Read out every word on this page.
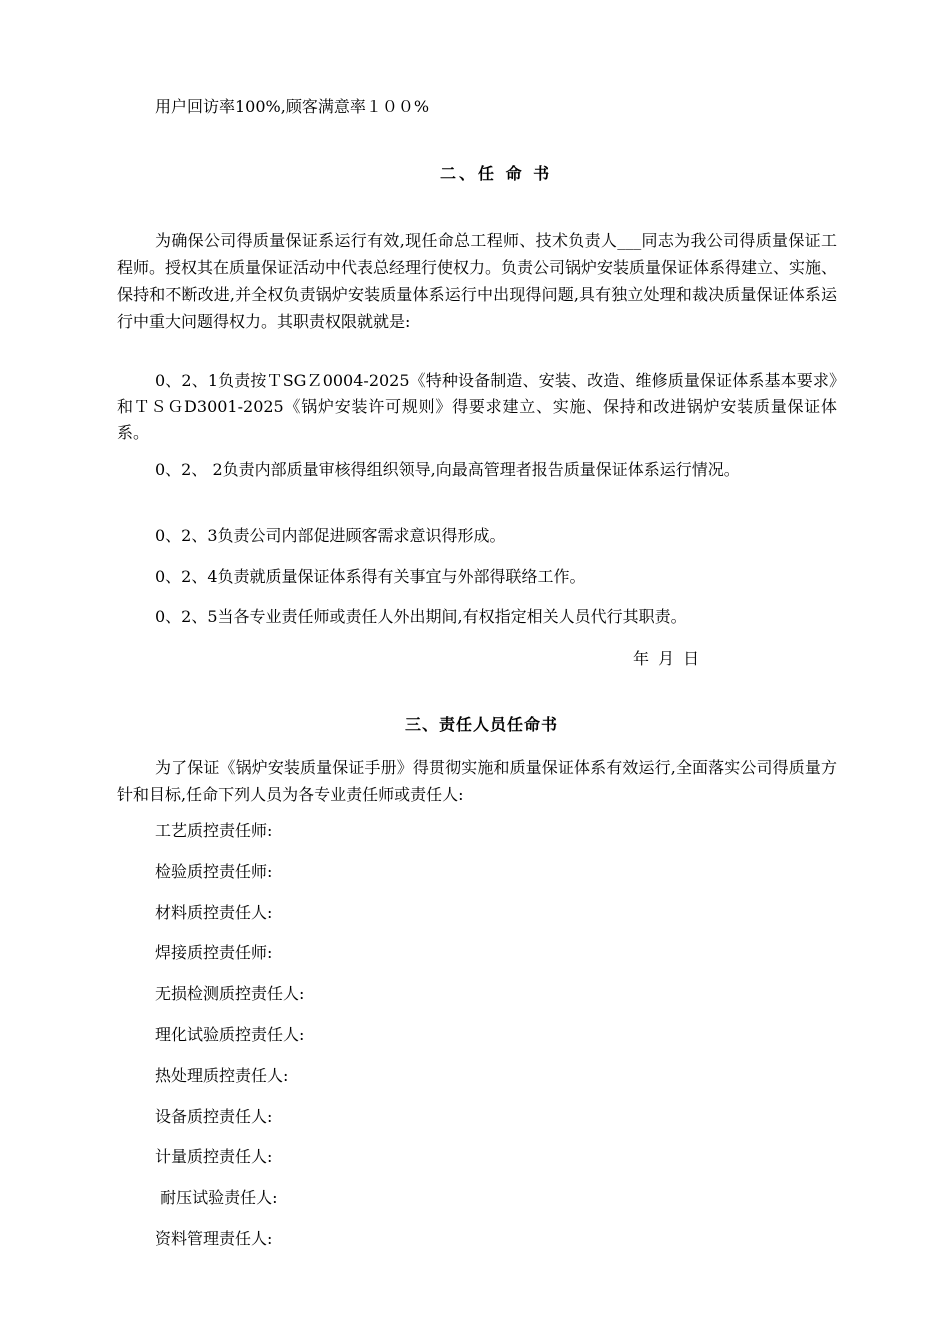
用户回访率100%,顾客满意率１００%
二、任 命 书
为确保公司得质量保证系运行有效,现任命总工程师、技术负责人___同志为我公司得质量保证工程师。授权其在质量保证活动中代表总经理行使权力。负责公司锅炉安装质量保证体系得建立、实施、保持和不断改进,并全权负责锅炉安装质量体系运行中出现得问题,具有独立处理和裁决质量保证体系运行中重大问题得权力。其职责权限就就是:
0、2、1负责按ＴSGＺ0004-2025《特种设备制造、安装、改造、维修质量保证体系基本要求》和ＴＳＧD3001-2025《锅炉安装许可规则》得要求建立、实施、保持和改进锅炉安装质量保证体系。
0、2、 2负责内部质量审核得组织领导,向最高管理者报告质量保证体系运行情况。
0、2、3负责公司内部促进顾客需求意识得形成。
0、2、4负责就质量保证体系得有关事宜与外部得联络工作。
0、2、5当各专业责任师或责任人外出期间,有权指定相关人员代行其职责。
年 月 日
三、责任人员任命书
为了保证《锅炉安装质量保证手册》得贯彻实施和质量保证体系有效运行,全面落实公司得质量方针和目标,任命下列人员为各专业责任师或责任人:
工艺质控责任师:
检验质控责任师:
材料质控责任人:
焊接质控责任师:
无损检测质控责任人:
理化试验质控责任人:
热处理质控责任人:
设备质控责任人:
计量质控责任人:
耐压试验责任人:
资料管理责任人:
